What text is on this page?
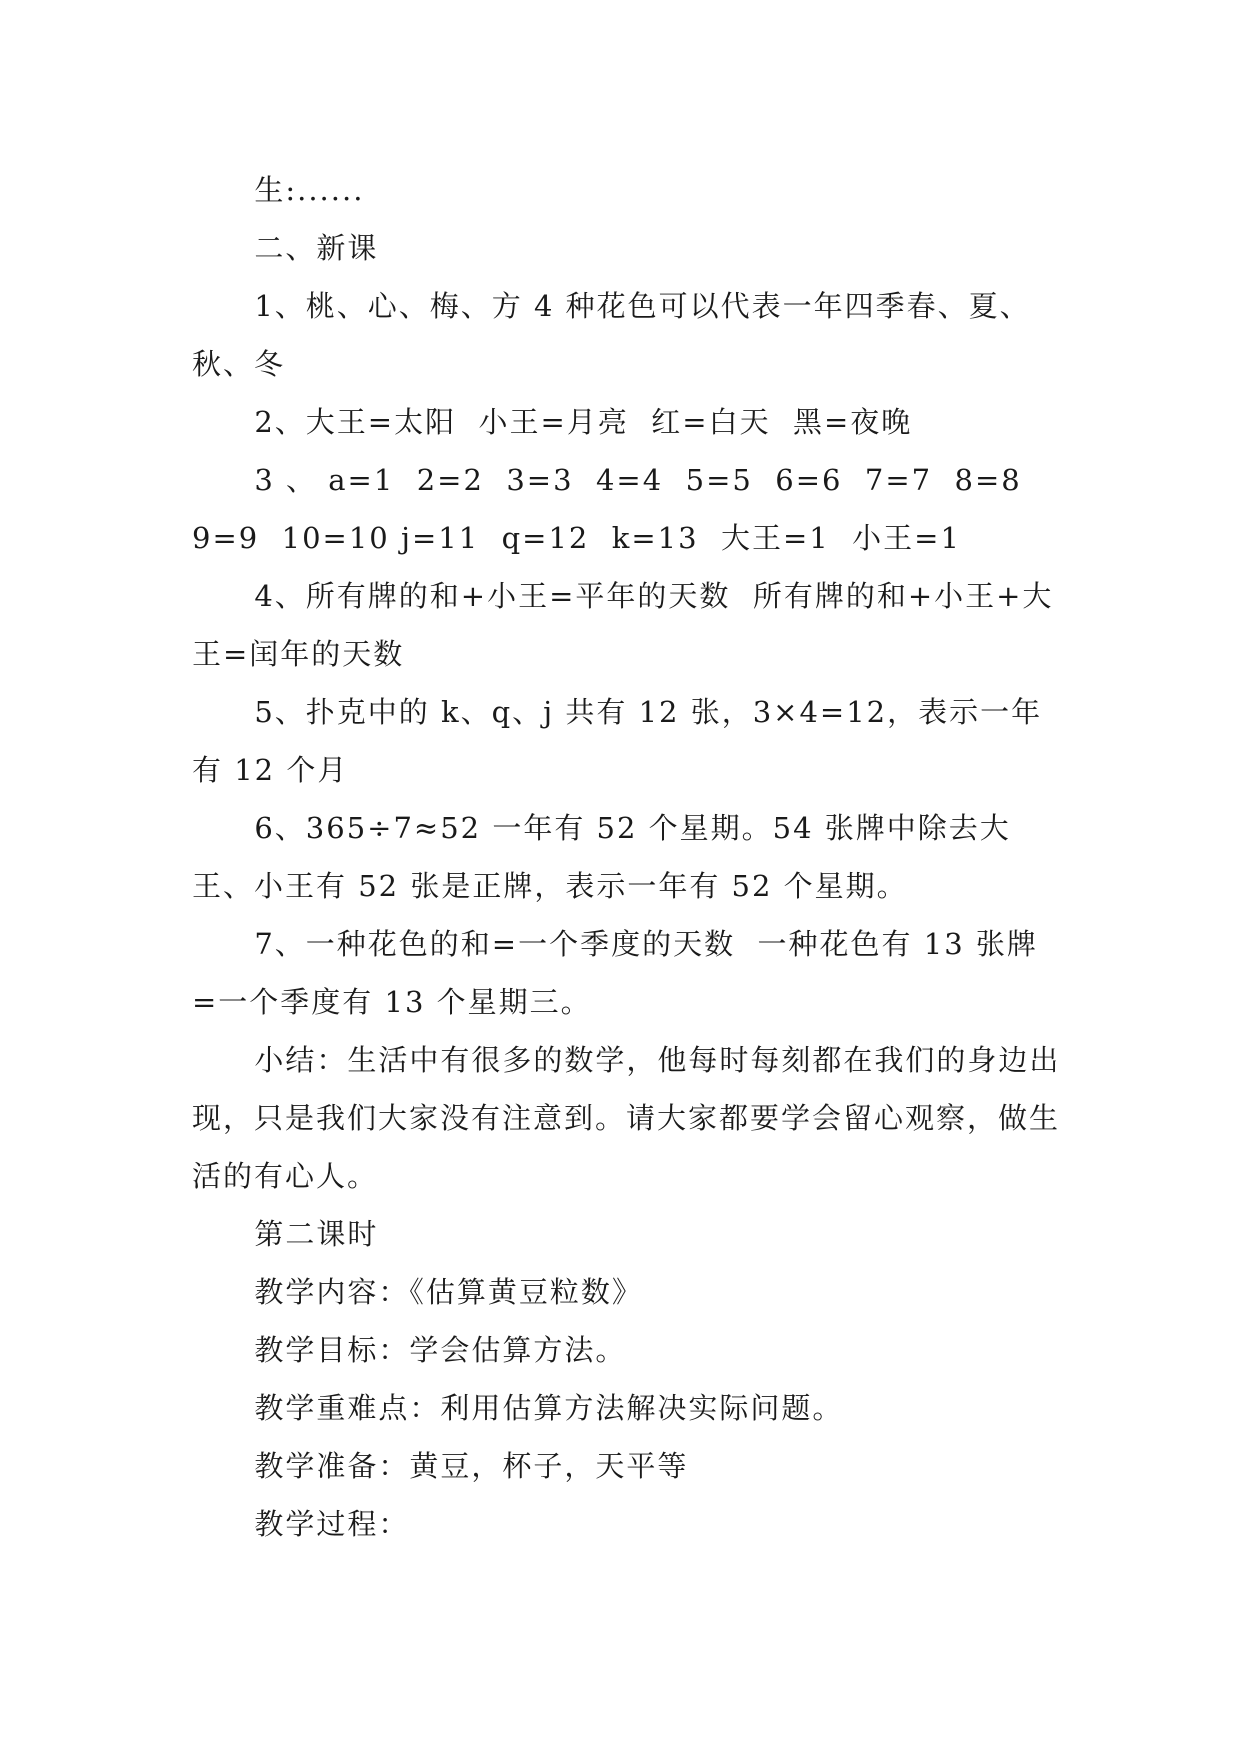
生:......

二、新课

1、桃、心、梅、方 4 种花色可以代表一年四季春、夏、秋、冬

2、大王=太阳  小王=月亮  红=白天  黑=夜晚

3 、 a=1  2=2  3=3  4=4  5=5  6=6  7=7  8=8  9=9  10=10 j=11  q=12  k=13  大王=1  小王=1

4、所有牌的和+小王=平年的天数  所有牌的和+小王+大王=闰年的天数

5、扑克中的 k、q、j 共有 12 张，3×4=12，表示一年有 12 个月

6、365÷7≈52 一年有 52 个星期。54 张牌中除去大王、小王有 52 张是正牌，表示一年有 52 个星期。

7、一种花色的和=一个季度的天数  一种花色有 13 张牌=一个季度有 13 个星期三。

小结：生活中有很多的数学，他每时每刻都在我们的身边出现，只是我们大家没有注意到。请大家都要学会留心观察，做生活的有心人。

第二课时

教学内容：《估算黄豆粒数》

教学目标：学会估算方法。

教学重难点：利用估算方法解决实际问题。

教学准备：黄豆，杯子，天平等

教学过程：
